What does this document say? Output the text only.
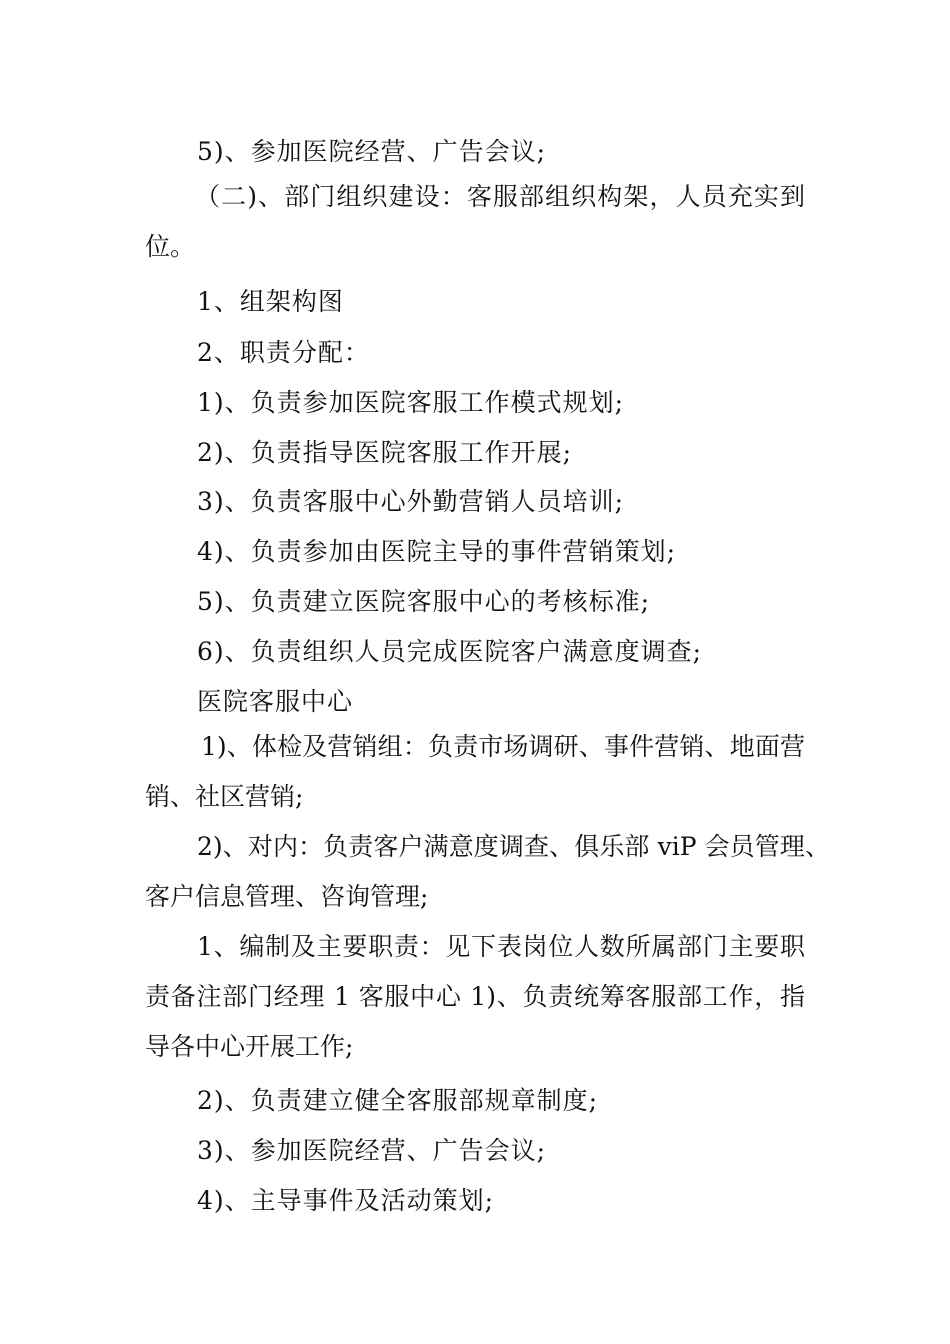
5)、参加医院经营、广告会议;
（二)、部门组织建设：客服部组织构架，人员充实到位。
1、组架构图
2、职责分配：
1)、负责参加医院客服工作模式规划;
2)、负责指导医院客服工作开展;
3)、负责客服中心外勤营销人员培训;
4)、负责参加由医院主导的事件营销策划;
5)、负责建立医院客服中心的考核标准;
6)、负责组织人员完成医院客户满意度调查;
医院客服中心
1)、体检及营销组：负责市场调研、事件营销、地面营销、社区营销;
2)、对内：负责客户满意度调查、俱乐部 viP 会员管理、客户信息管理、咨询管理;
1、编制及主要职责：见下表岗位人数所属部门主要职责备注部门经理 1 客服中心 1)、负责统筹客服部工作，指导各中心开展工作;
2)、负责建立健全客服部规章制度;
3)、参加医院经营、广告会议;
4)、主导事件及活动策划;
